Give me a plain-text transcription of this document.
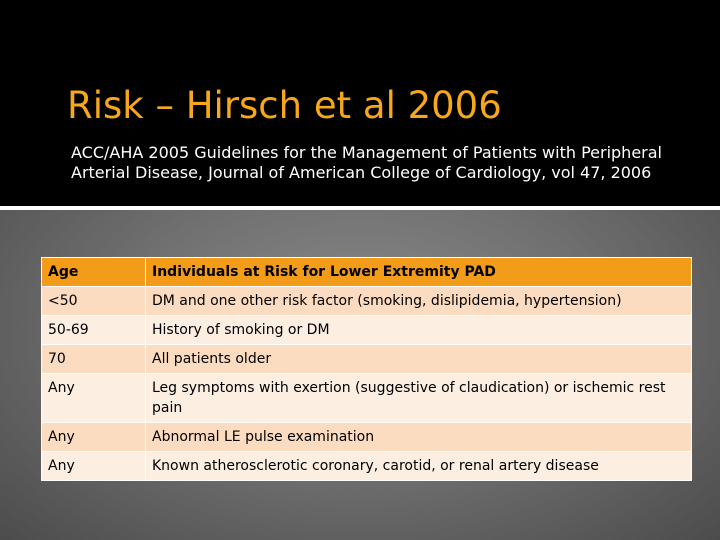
Risk – Hirsch et al 2006
ACC/AHA 2005 Guidelines for the Management of Patients with Peripheral Arterial Disease, Journal of American College of Cardiology, vol 47, 2006
Age	Individuals at Risk for Lower Extremity PAD
<50	DM and one other risk factor (smoking, dislipidemia, hypertension)
50-69	History of smoking or DM
70	All patients older
Any	Leg symptoms with exertion (suggestive of claudication) or ischemic rest pain
Any	Abnormal LE pulse examination
Any	Known atherosclerotic coronary, carotid, or renal artery disease
